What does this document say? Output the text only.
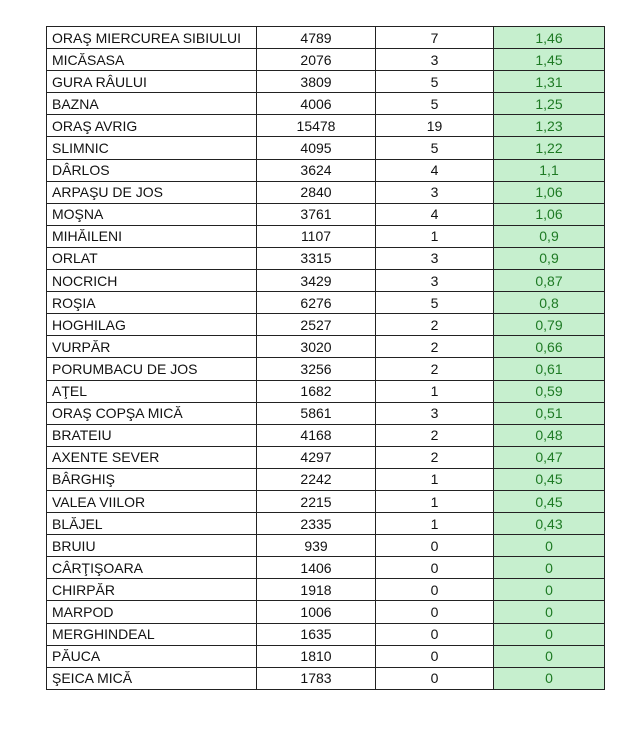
ORAŞ MIERCUREA SIBIULUI	4789	7	1,46
MICĂSASA	2076	3	1,45
GURA RÂULUI	3809	5	1,31
BAZNA	4006	5	1,25
ORAŞ AVRIG	15478	19	1,23
SLIMNIC	4095	5	1,22
DÂRLOS	3624	4	1,1
ARPAŞU DE JOS	2840	3	1,06
MOŞNA	3761	4	1,06
MIHĂILENI	1107	1	0,9
ORLAT	3315	3	0,9
NOCRICH	3429	3	0,87
ROŞIA	6276	5	0,8
HOGHILAG	2527	2	0,79
VURPĂR	3020	2	0,66
PORUMBACU DE JOS	3256	2	0,61
AŢEL	1682	1	0,59
ORAŞ COPŞA MICĂ	5861	3	0,51
BRATEIU	4168	2	0,48
AXENTE SEVER	4297	2	0,47
BÂRGHIŞ	2242	1	0,45
VALEA VIILOR	2215	1	0,45
BLĂJEL	2335	1	0,43
BRUIU	939	0	0
CÂRŢIŞOARA	1406	0	0
CHIRPĂR	1918	0	0
MARPOD	1006	0	0
MERGHINDEAL	1635	0	0
PĂUCA	1810	0	0
ŞEICA MICĂ	1783	0	0
